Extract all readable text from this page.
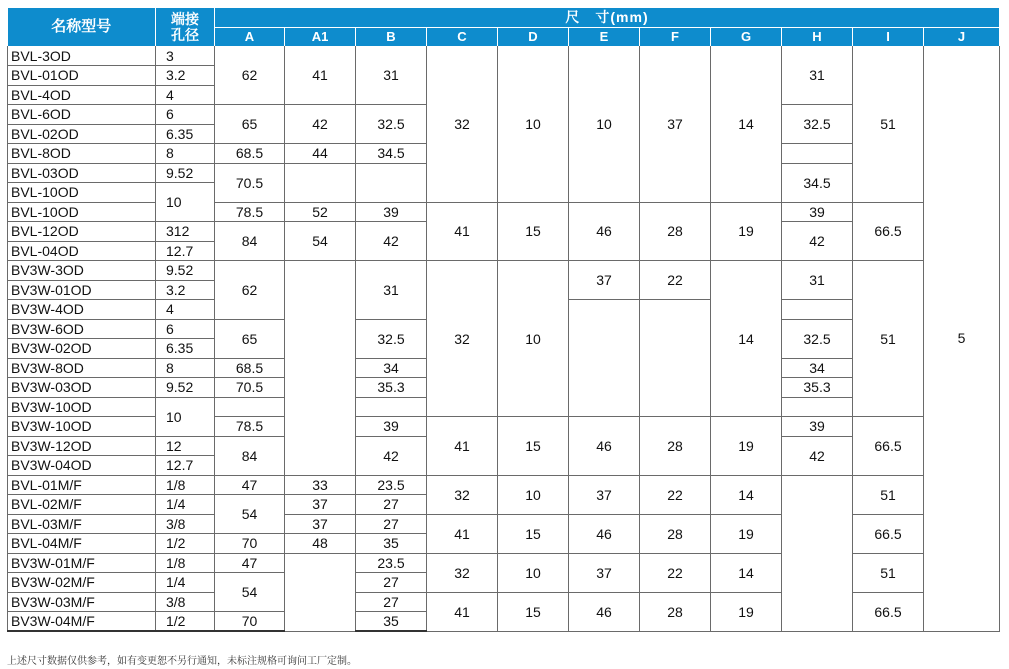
名称型号	端接
孔径	尺　寸(mm)										
		A	A1	B	C	D	E	F	G	H	I	J
BVL-3OD	3	62	41	31	32	10	10	37	14	31	51	5
BVL-01OD	3.2											
BVL-4OD	4											
BVL-6OD	6	65	42	32.5						32.5		
BVL-02OD	6.35											
BVL-8OD	8	68.5	44	34.5								
BVL-03OD	9.52	70.5								34.5		
BVL-10OD	10											
BVL-10OD		78.5	52	39	41	15	46	28	19	39	66.5	
BVL-12OD	312	84	54	42						42		
BVL-04OD	12.7											
BV3W-3OD	9.52	62		31	32	10	37	22	14	31	51	
BV3W-01OD	3.2											
BV3W-4OD	4											
BV3W-6OD	6	65		32.5						32.5		
BV3W-02OD	6.35											
BV3W-8OD	8	68.5		34						34		
BV3W-03OD	9.52	70.5		35.3						35.3		
BV3W-10OD	10											
BV3W-10OD		78.5		39	41	15	46	28	19	39	66.5	
BV3W-12OD	12	84		42						42		
BV3W-04OD	12.7											
BVL-01M/F	1/8	47	33	23.5	32	10	37	22	14		51	
BVL-02M/F	1/4	54	37	27								
BVL-03M/F	3/8		37	27	41	15	46	28	19		66.5	
BVL-04M/F	1/2	70	48	35								
BV3W-01M/F	1/8	47		23.5	32	10	37	22	14		51	
BV3W-02M/F	1/4	54		27								
BV3W-03M/F	3/8			27	41	15	46	28	19		66.5	
BV3W-04M/F	1/2	70		35								
上述尺寸数据仅供参考，如有变更恕不另行通知，未标注规格可询问工厂定制。
